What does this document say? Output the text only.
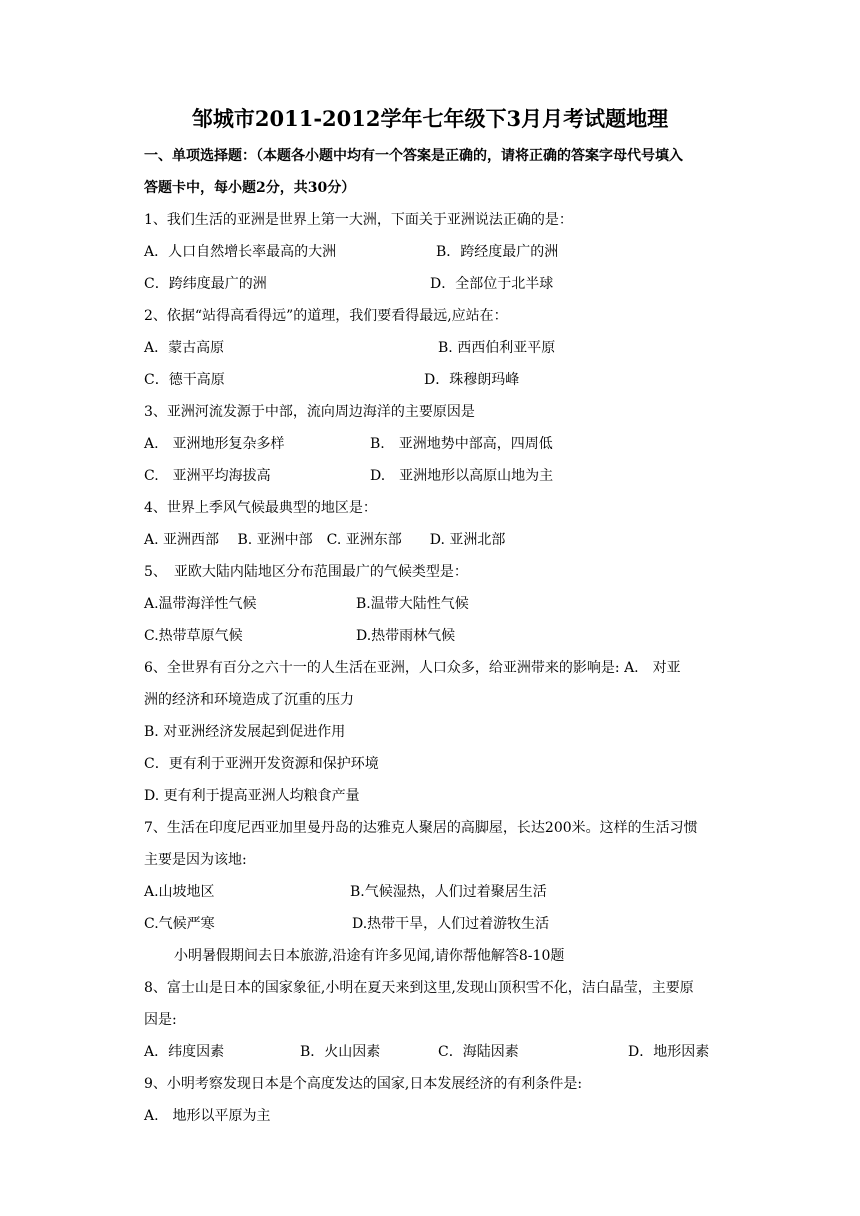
邹城市2011-2012学年七年级下3月月考试题地理
一、单项选择题：（本题各小题中均有一个答案是正确的，请将正确的答案字母代号填入
答题卡中，每小题2分，共30分）
1、我们生活的亚洲是世界上第一大洲，下面关于亚洲说法正确的是：
A．人口自然增长率最高的大洲	B．跨经度最广的洲
C．跨纬度最广的洲	D．全部位于北半球
2、依据“站得高看得远”的道理，我们要看得最远,应站在：
A．蒙古高原	B. 西西伯利亚平原
C．德干高原	D．珠穆朗玛峰
3、亚洲河流发源于中部，流向周边海洋的主要原因是
A.　亚洲地形复杂多样	B.　亚洲地势中部高，四周低
C.　亚洲平均海拔高	D.　亚洲地形以高原山地为主
4、世界上季风气候最典型的地区是：
A. 亚洲西部　 B. 亚洲中部　C. 亚洲东部　　D. 亚洲北部
5、　亚欧大陆内陆地区分布范围最广的气候类型是：
A.温带海洋性气候	B.温带大陆性气候
C.热带草原气候	D.热带雨林气候
6、全世界有百分之六十一的人生活在亚洲，人口众多，给亚洲带来的影响是: A.　对亚
洲的经济和环境造成了沉重的压力
B. 对亚洲经济发展起到促进作用
C．更有利于亚洲开发资源和保护环境
D. 更有利于提高亚洲人均粮食产量
7、生活在印度尼西亚加里曼丹岛的达雅克人聚居的高脚屋，长达200米。这样的生活习惯
主要是因为该地:
A.山坡地区	B.气候湿热，人们过着聚居生活
C.气候严寒	D.热带干旱，人们过着游牧生活
小明暑假期间去日本旅游,沿途有许多见闻,请你帮他解答8-10题
8、富士山是日本的国家象征,小明在夏天来到这里,发现山顶积雪不化，洁白晶莹，主要原
因是:
A．纬度因素	B．火山因素	C．海陆因素	D．地形因素
9、小明考察发现日本是个高度发达的国家,日本发展经济的有利条件是:
A.　地形以平原为主
